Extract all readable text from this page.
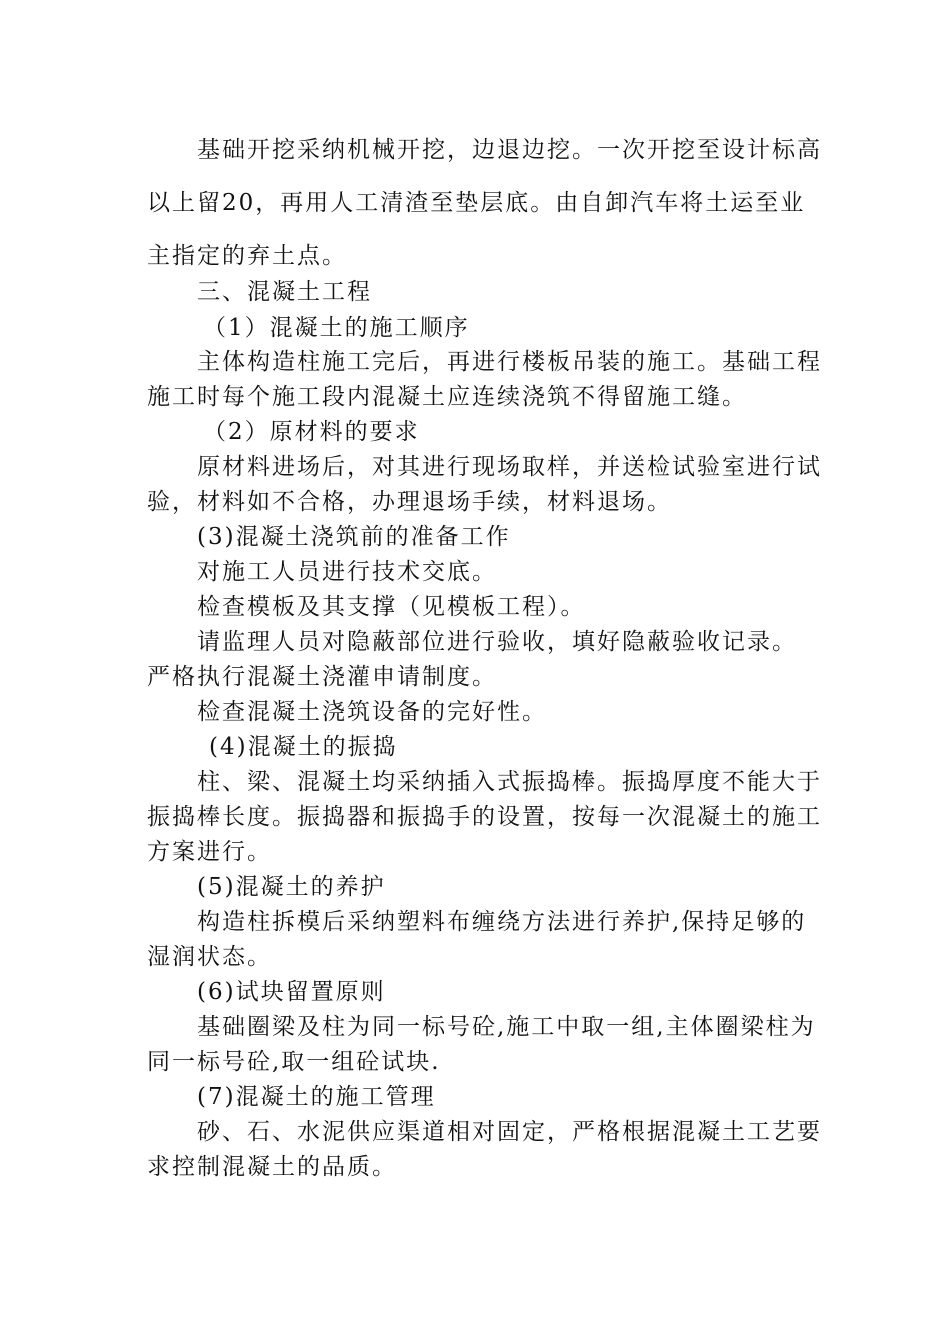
基础开挖采纳机械开挖，边退边挖。一次开挖至设计标高以上留20，再用人工清渣至垫层底。由自卸汽车将土运至业主指定的弃土点。
三、混凝土工程
（1）混凝土的施工顺序
主体构造柱施工完后，再进行楼板吊装的施工。基础工程施工时每个施工段内混凝土应连续浇筑不得留施工缝。
（2）原材料的要求
原材料进场后，对其进行现场取样，并送检试验室进行试验，材料如不合格，办理退场手续，材料退场。
(3)混凝土浇筑前的准备工作
对施工人员进行技术交底。
检查模板及其支撑（见模板工程）。
请监理人员对隐蔽部位进行验收，填好隐蔽验收记录。
严格执行混凝土浇灌申请制度。
检查混凝土浇筑设备的完好性。
(4)混凝土的振捣
柱、梁、混凝土均采纳插入式振捣棒。振捣厚度不能大于振捣棒长度。振捣器和振捣手的设置，按每一次混凝土的施工方案进行。
(5)混凝土的养护
构造柱拆模后采纳塑料布缠绕方法进行养护,保持足够的湿润状态。
(6)试块留置原则
基础圈梁及柱为同一标号砼,施工中取一组,主体圈梁柱为同一标号砼,取一组砼试块.
(7)混凝土的施工管理
砂、石、水泥供应渠道相对固定，严格根据混凝土工艺要求控制混凝土的品质。
